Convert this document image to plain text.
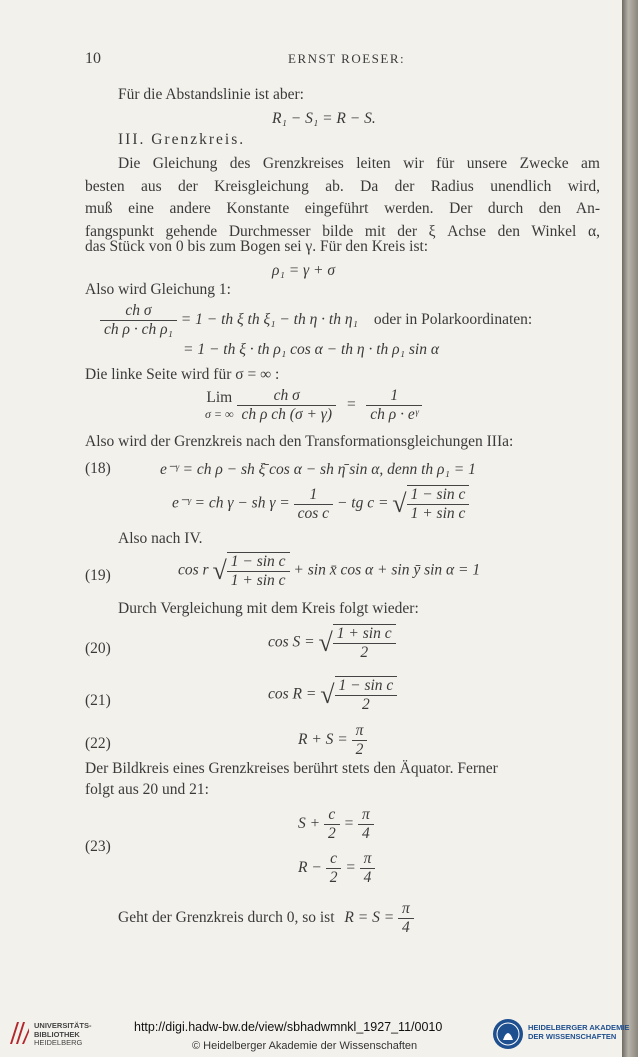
10	ERNST ROESER:
Für die Abstandslinie ist aber:
R₁ − S₁ = R − S.
III. Grenzkreis.
Die Gleichung des Grenzkreises leiten wir für unsere Zwecke am
besten aus der Kreisgleichung ab. Da der Radius unendlich wird,
muß eine andere Konstante eingeführt werden. Der durch den An-
fangspunkt gehende Durchmesser bilde mit der ξ Achse den Winkel α,
das Stück von 0 bis zum Bogen sei γ. Für den Kreis ist:
ρ₁ = γ + σ
Also wird Gleichung 1:
$\frac{\text{ch σ}}{\text{ch ρ · ch ρ₁}} = 1$ − th ξ th ξ₁ − th η · th η₁ oder in Polarkoordinaten:
= 1 − th ξ · th ρ₁ cos α − th η · th ρ₁ sin α
Die linke Seite wird für σ = ∞ :
Lim
σ = ∞
$\frac{\text{ch σ}}{\text{ch ρ ch (σ + γ)}} = \frac{1}{\text{ch ρ · eᵞ}}$
Also wird der Grenzkreis nach den Transformationsgleichungen IIIa:
(18)	e⁻ᵞ = ch ρ − sh ξ̄ cos α − sh η̄ sin α, denn th ρ₁ = 1
e⁻ᵞ = ch γ − sh $\gamma = \frac{1}{\text{cos c}}$ − tg c = √ $\frac{\text{1 − sin c}}{\text{1 + sin c}}$
Also nach IV.
(19)	cos r √ $\frac{\text{1 − sin c}}{\text{1 + sin c}} + \sin$ x̄ cos α + sin ȳ sin α = 1
Durch Vergleichung mit dem Kreis folgt wieder:
(20)	cos S = √ $\frac{\text{1 + sin c}}{2}$
(21)	cos R = √ $\frac{\text{1 − sin c}}{2}$
(22)	$R + S = \frac{\pi}{2}$
Der Bildkreis eines Grenzkreises berührt stets den Äquator. Ferner
folgt aus 20 und 21:
(23)
$S + \frac{c}{2} = \frac{\pi}{4}$
$R - \frac{c}{2} = \frac{\pi}{4}$
Geht der Grenzkreis durch 0, so ist $R = S = \frac{\pi}{4}$
UNIVERSITÄTS-
BIBLIOTHEK
HEIDELBERG
http://digi.hadw-bw.de/view/sbhadwmnkl_1927_11/0010
© Heidelberger Akademie der Wissenschaften
HEIDELBERGER AKADEMIE
DER WISSENSCHAFTEN
